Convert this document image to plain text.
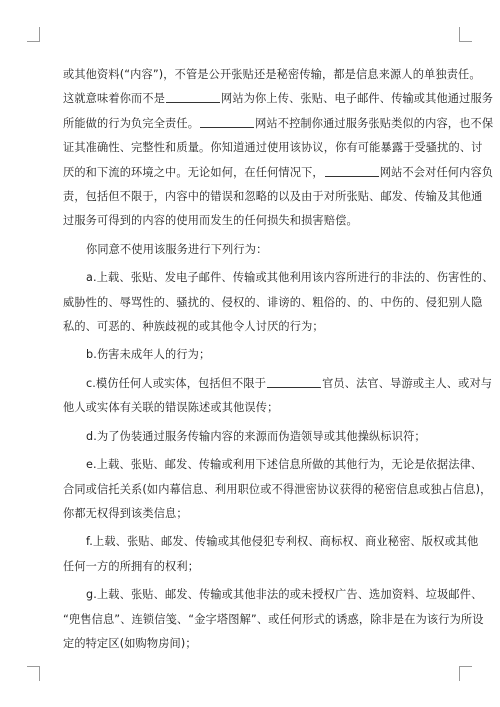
或其他资料(“内容”)，不管是公开张贴还是秘密传输，都是信息来源人的单独责任。

这就意味着你而不是	网站为你上传、张贴、电子邮件、传输或其他通过服务

所能做的行为负完全责任。	网站不控制你通过服务张贴类似的内容，也不保

证其准确性、完整性和质量。你知道通过使用该协议，你有可能暴露于受骚扰的、讨

厌的和下流的环境之中。无论如何，在任何情况下，	网站不会对任何内容负

责，包括但不限于，内容中的错误和忽略的以及由于对所张贴、邮发、传输及其他通

过服务可得到的内容的使用而发生的任何损失和损害赔偿。

你同意不使用该服务进行下列行为：

a.上载、张贴、发电子邮件、传输或其他利用该内容所进行的非法的、伤害性的、

威胁性的、辱骂性的、骚扰的、侵权的、诽谤的、粗俗的、的、中伤的、侵犯别人隐

私的、可恶的、种族歧视的或其他令人讨厌的行为；

b.伤害未成年人的行为；

c.模仿任何人或实体，包括但不限于	官员、法官、导游或主人、或对与

他人或实体有关联的错误陈述或其他误传；

d.为了伪装通过服务传输内容的来源而伪造领导或其他操纵标识符；

e.上载、张贴、邮发、传输或利用下述信息所做的其他行为，无论是依据法律、

合同或信托关系(如内幕信息、利用职位或不得泄密协议获得的秘密信息或独占信息)，

你都无权得到该类信息；

f.上载、张贴、邮发、传输或其他侵犯专利权、商标权、商业秘密、版权或其他

任何一方的所拥有的权利；

g.上载、张贴、邮发、传输或其他非法的或未授权广告、选加资料、垃圾邮件、

“兜售信息”、连锁信笺、“金字塔图解”、或任何形式的诱惑，除非是在为该行为所设

定的特定区(如购物房间)；
